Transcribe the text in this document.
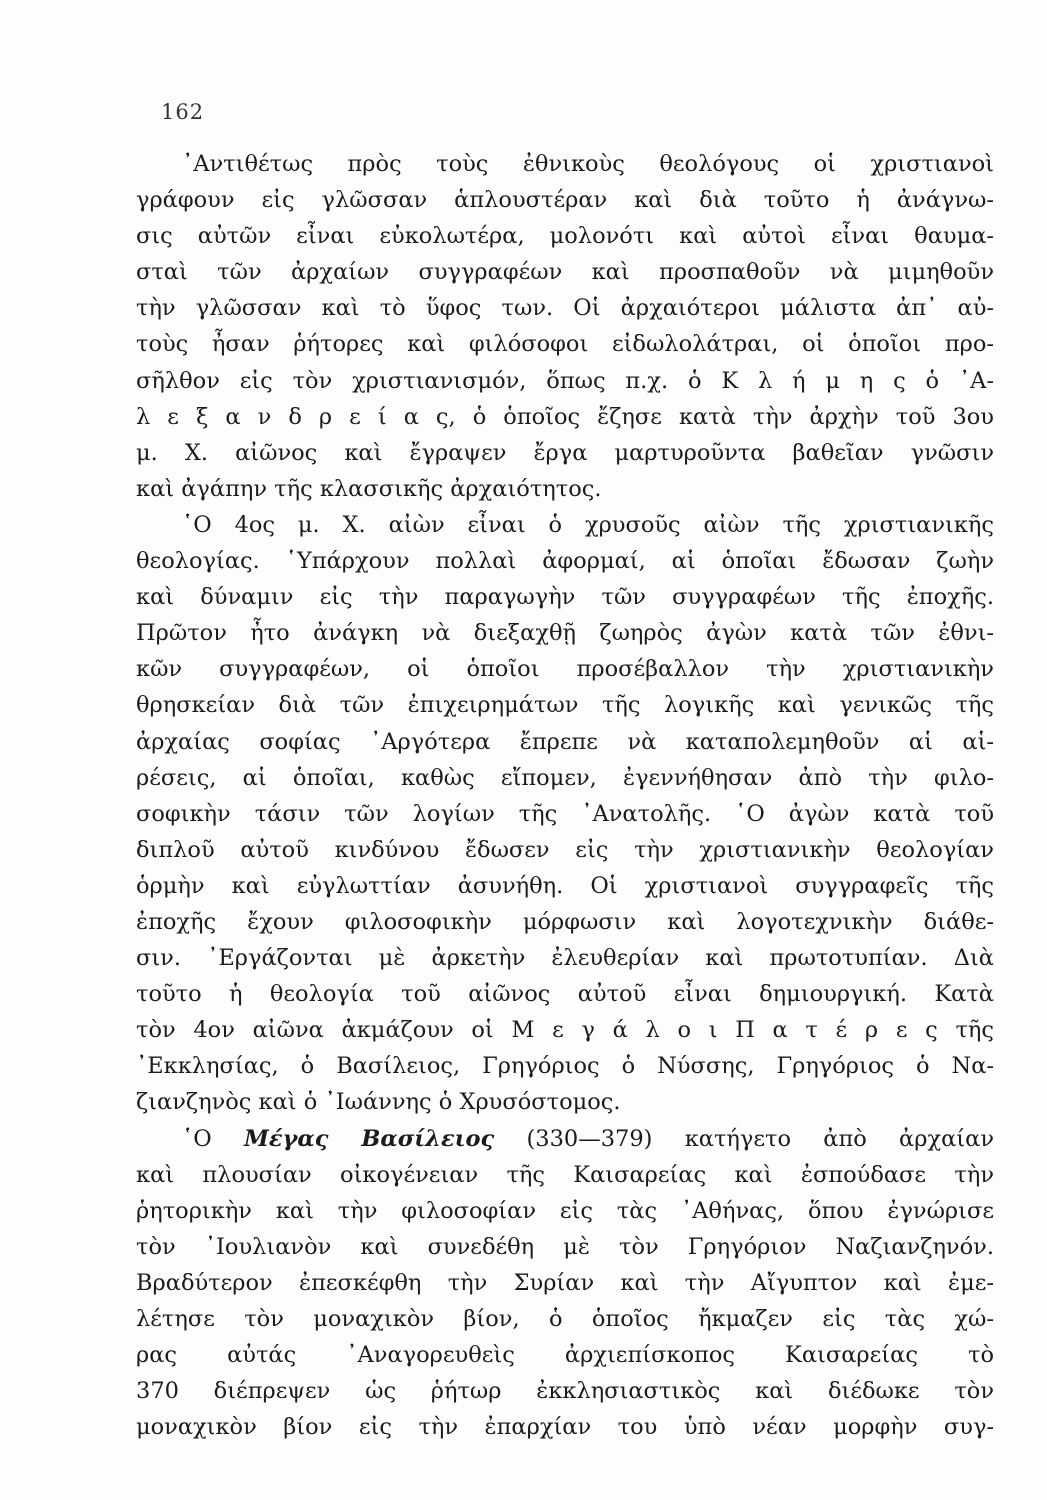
162
᾿Αντιθέτως πρὸς τοὺς ἐθνικοὺς θεολόγους οἱ χριστιανοὶ
γράφουν εἰς γλῶσσαν ἁπλουστέραν καὶ διὰ τοῦτο ἡ ἀνάγνω-
σις αὐτῶν εἶναι εὐκολωτέρα, μολονότι καὶ αὐτοὶ εἶναι θαυμα-
σταὶ τῶν ἀρχαίων συγγραφέων καὶ προσπαθοῦν νὰ μιμηθοῦν
τὴν γλῶσσαν καὶ τὸ ὕφος των. Οἱ ἀρχαιότεροι μάλιστα ἀπ᾿ αὐ-
τοὺς ἦσαν ῥήτορες καὶ φιλόσοφοι εἰδωλολάτραι, οἱ ὁποῖοι προ-
σῆλθον εἰς τὸν χριστιανισμόν, ὅπως π.χ. ὁ Κ λ ή μ η ς ὁ ᾿Α-
λ ε ξ α ν δ ρ ε ί α ς, ὁ ὁποῖος ἔζησε κατὰ τὴν ἀρχὴν τοῦ 3ου
μ. Χ. αἰῶνος καὶ ἔγραψεν ἔργα μαρτυροῦντα βαθεῖαν γνῶσιν
καὶ ἀγάπην τῆς κλασσικῆς ἀρχαιότητος.
῾Ο 4ος μ. Χ. αἰὼν εἶναι ὁ χρυσοῦς αἰὼν τῆς χριστιανικῆς
θεολογίας. ῾Υπάρχουν πολλαὶ ἀφορμαί, αἱ ὁποῖαι ἔδωσαν ζωὴν
καὶ δύναμιν εἰς τὴν παραγωγὴν τῶν συγγραφέων τῆς ἐποχῆς.
Πρῶτον ἦτο ἀνάγκη νὰ διεξαχθῇ ζωηρὸς ἀγὼν κατὰ τῶν ἐθνι-
κῶν συγγραφέων, οἱ ὁποῖοι προσέβαλλον τὴν χριστιανικὴν
θρησκείαν διὰ τῶν ἐπιχειρημάτων τῆς λογικῆς καὶ γενικῶς τῆς
ἀρχαίας σοφίας ᾿Αργότερα ἔπρεπε νὰ καταπολεμηθοῦν αἱ αἱ-
ρέσεις, αἱ ὁποῖαι, καθὼς εἴπομεν, ἐγεννήθησαν ἀπὸ τὴν φιλο-
σοφικὴν τάσιν τῶν λογίων τῆς ᾿Ανατολῆς. ῾Ο ἀγὼν κατὰ τοῦ
διπλοῦ αὐτοῦ κινδύνου ἔδωσεν εἰς τὴν χριστιανικὴν θεολογίαν
ὁρμὴν καὶ εὐγλωττίαν ἀσυνήθη. Οἱ χριστιανοὶ συγγραφεῖς τῆς
ἐποχῆς ἔχουν φιλοσοφικὴν μόρφωσιν καὶ λογοτεχνικὴν διάθε-
σιν. ᾿Εργάζονται μὲ ἀρκετὴν ἐλευθερίαν καὶ πρωτοτυπίαν. Διὰ
τοῦτο ἡ θεολογία τοῦ αἰῶνος αὐτοῦ εἶναι δημιουργική. Κατὰ
τὸν 4ον αἰῶνα ἀκμάζουν οἱ Μ ε γ ά λ ο ι Π α τ έ ρ ε ς τῆς
᾿Εκκλησίας, ὁ Βασίλειος, Γρηγόριος ὁ Νύσσης, Γρηγόριος ὁ Να-
ζιανζηνὸς καὶ ὁ ᾿Ιωάννης ὁ Χρυσόστομος.
῾Ο Μέγας Βασίλειος (330—379) κατήγετο ἀπὸ ἀρχαίαν
καὶ πλουσίαν οἰκογένειαν τῆς Καισαρείας καὶ ἐσπούδασε τὴν
ῥητορικὴν καὶ τὴν φιλοσοφίαν εἰς τὰς ᾿Αθήνας, ὅπου ἐγνώρισε
τὸν ᾿Ιουλιανὸν καὶ συνεδέθη μὲ τὸν Γρηγόριον Ναζιανζηνόν.
Βραδύτερον ἐπεσκέφθη τὴν Συρίαν καὶ τὴν Αἴγυπτον καὶ ἐμε-
λέτησε τὸν μοναχικὸν βίον, ὁ ὁποῖος ἤκμαζεν εἰς τὰς χώ-
ρας αὐτάς ᾿Αναγορευθεὶς ἀρχιεπίσκοπος Καισαρείας τὸ
370 διέπρεψεν ὡς ῥήτωρ ἐκκλησιαστικὸς καὶ διέδωκε τὸν
μοναχικὸν βίον εἰς τὴν ἐπαρχίαν του ὑπὸ νέαν μορφὴν συγ-
